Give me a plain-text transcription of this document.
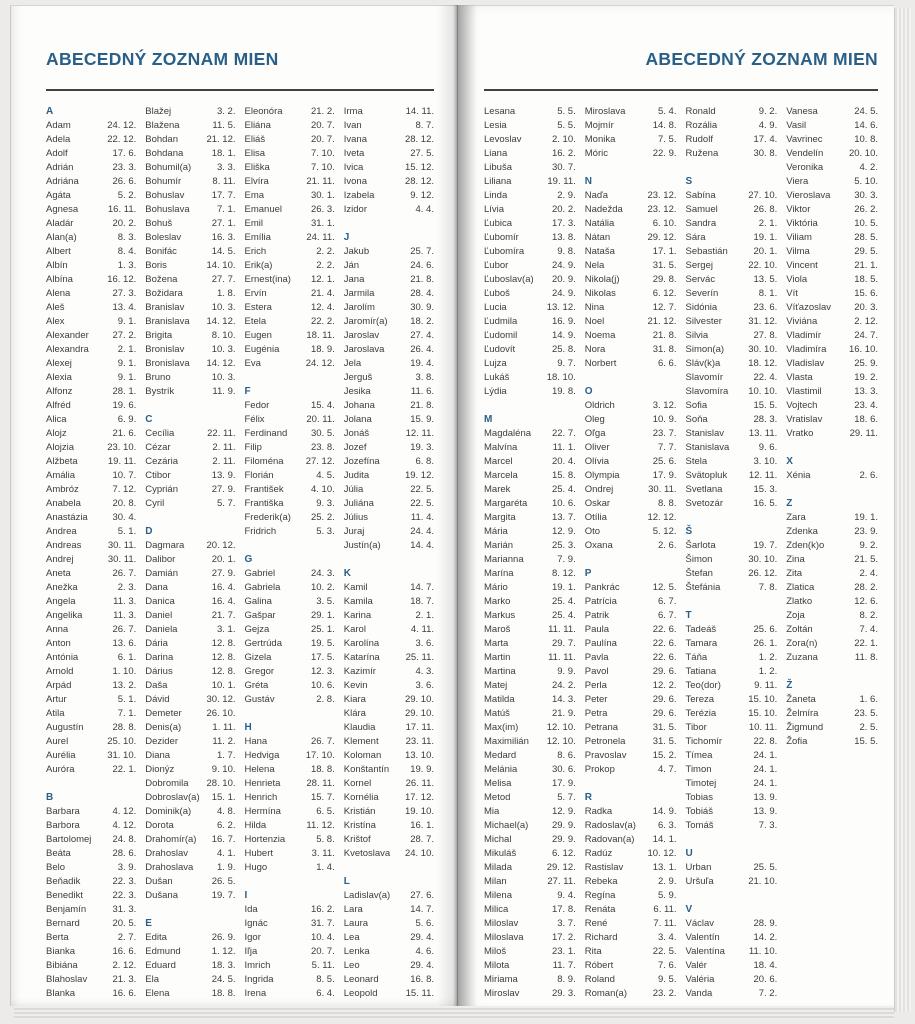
ABECEDNÝ ZOZNAM MIEN
A
Adam	24. 12.
Adela	22. 12.
Adolf	17. 6.
Adrián	23. 3.
Adriána	26. 6.
Agáta	5. 2.
Agnesa	16. 11.
Aladár	20. 2.
Alan(a)	8. 3.
Albert	8. 4.
Albín	1. 3.
Albína	16. 12.
Alena	27. 3.
Aleš	13. 4.
Alex	9. 1.
Alexander	27. 2.
Alexandra	2. 1.
Alexej	9. 1.
Alexia	9. 1.
Alfonz	28. 1.
Alfréd	19. 6.
Alica	6. 9.
Alojz	21. 6.
Alojzia	23. 10.
Alžbeta	19. 11.
Amália	10. 7.
Ambróz	7. 12.
Anabela	20. 8.
Anastázia	30. 4.
Andrea	5. 1.
Andreas	30. 11.
Andrej	30. 11.
Aneta	26. 7.
Anežka	2. 3.
Angela	11. 3.
Angelika	11. 3.
Anna	26. 7.
Anton	13. 6.
Antónia	6. 1.
Arnold	1. 10.
Arpád	13. 2.
Artur	5. 1.
Atila	7. 1.
Augustín	28. 8.
Aurel	25. 10.
Aurélia	31. 10.
Auróra	22. 1.
B
Barbara	4. 12.
Barbora	4. 12.
Bartolomej	24. 8.
Beáta	28. 6.
Belo	3. 9.
Beňadik	22. 3.
Benedikt	22. 3.
Benjamín	31. 3.
Bernard	20. 5.
Berta	2. 7.
Bianka	16. 6.
Bibiána	2. 12.
Blahoslav	21. 3.
Blanka	16. 6.
Blažej	3. 2.
Blažena	11. 5.
Bohdan	21. 12.
Bohdana	18. 1.
Bohumil(a)	3. 3.
Bohumír	8. 11.
Bohuslav	17. 7.
Bohuslava	7. 1.
Bohuš	27. 1.
Boleslav	16. 3.
Bonifác	14. 5.
Boris	14. 10.
Božena	27. 7.
Božidara	1. 8.
Branislav	10. 3.
Branislava	14. 12.
Brigita	8. 10.
Bronislav	10. 3.
Bronislava	14. 12.
Bruno	10. 3.
Bystrík	11. 9.
C
Cecília	22. 11.
Cézar	2. 11.
Cezária	2. 11.
Ctibor	13. 9.
Cyprián	27. 9.
Cyril	5. 7.
D
Dagmara	20. 12.
Dalibor	20. 1.
Damián	27. 9.
Dana	16. 4.
Danica	16. 4.
Daniel	21. 7.
Daniela	3. 1.
Dária	12. 8.
Darina	12. 8.
Dárius	12. 8.
Daša	10. 1.
Dávid	30. 12.
Demeter	26. 10.
Denis(a)	1. 11.
Dezider	11. 2.
Diana	1. 7.
Dionýz	9. 10.
Dobromila	28. 10.
Dobroslav(a)	15. 1.
Dominik(a)	4. 8.
Dorota	6. 2.
Drahomír(a)	16. 7.
Drahoslav	4. 1.
Drahoslava	1. 9.
Dušan	26. 5.
Dušana	19. 7.
E
Edita	26. 9.
Edmund	1. 12.
Eduard	18. 3.
Ela	24. 5.
Elena	18. 8.
Eleonóra	21. 2.
Eliána	20. 7.
Eliáš	20. 7.
Elisa	7. 10.
Eliška	7. 10.
Elvíra	21. 11.
Ema	30. 1.
Emanuel	26. 3.
Emil	31. 1.
Emília	24. 11.
Erich	2. 2.
Erik(a)	2. 2.
Ernest(ina)	12. 1.
Ervín	21. 4.
Estera	12. 4.
Etela	22. 2.
Eugen	18. 11.
Eugénia	18. 9.
Eva	24. 12.
F
Fedor	15. 4.
Félix	20. 11.
Ferdinand	30. 5.
Filip	23. 8.
Filoména	27. 12.
Florián	4. 5.
František	4. 10.
Františka	9. 3.
Frederik(a)	25. 2.
Fridrich	5. 3.
G
Gabriel	24. 3.
Gabriela	10. 2.
Galina	3. 5.
Gašpar	29. 1.
Gejza	25. 1.
Gertrúda	19. 5.
Gizela	17. 5.
Gregor	12. 3.
Gréta	10. 6.
Gustáv	2. 8.
H
Hana	26. 7.
Hedviga	17. 10.
Helena	18. 8.
Henrieta	28. 11.
Henrich	15. 7.
Hermína	6. 5.
Hilda	11. 12.
Hortenzia	5. 8.
Hubert	3. 11.
Hugo	1. 4.
I
Ida	16. 2.
Ignác	31. 7.
Igor	10. 4.
Iľja	20. 7.
Imrich	5. 11.
Ingrida	8. 5.
Irena	6. 4.
Irma	14. 11.
Ivan	8. 7.
Ivana	28. 12.
Iveta	27. 5.
Ivica	15. 12.
Ivona	28. 12.
Izabela	9. 12.
Izidor	4. 4.
J
Jakub	25. 7.
Ján	24. 6.
Jana	21. 8.
Jarmila	28. 4.
Jarolím	30. 9.
Jaromír(a)	18. 2.
Jaroslav	27. 4.
Jaroslava	26. 4.
Jela	19. 4.
Jerguš	3. 8.
Jesika	11. 6.
Johana	21. 8.
Jolana	15. 9.
Jonáš	12. 11.
Jozef	19. 3.
Jozefína	6. 8.
Judita	19. 12.
Júlia	22. 5.
Juliána	22. 5.
Július	11. 4.
Juraj	24. 4.
Justín(a)	14. 4.
K
Kamil	14. 7.
Kamila	18. 7.
Karina	2. 1.
Karol	4. 11.
Karolína	3. 6.
Katarína	25. 11.
Kazimír	4. 3.
Kevin	3. 6.
Kiara	29. 10.
Klára	29. 10.
Klaudia	17. 11.
Klement	23. 11.
Koloman	13. 10.
Konštantín	19. 9.
Kornel	26. 11.
Kornélia	17. 12.
Kristián	19. 10.
Kristína	16. 1.
Krištof	28. 7.
Kvetoslava	24. 10.
L
Ladislav(a)	27. 6.
Lara	14. 7.
Laura	5. 6.
Lea	29. 4.
Lenka	4. 6.
Leo	29. 4.
Leonard	16. 8.
Leopold	15. 11.
ABECEDNÝ ZOZNAM MIEN
Lesana	5. 5.
Lesia	5. 5.
Levoslav	2. 10.
Liana	16. 2.
Libuša	30. 7.
Liliana	19. 11.
Linda	2. 9.
Lívia	20. 2.
Ľubica	17. 3.
Ľubomír	13. 8.
Ľubomíra	9. 8.
Ľubor	24. 9.
Ľuboslav(a)	20. 9.
Ľuboš	24. 9.
Lucia	13. 12.
Ľudmila	16. 9.
Ľudomil	14. 9.
Ľudovít	25. 8.
Lujza	9. 7.
Lukáš	18. 10.
Lýdia	19. 8.
M
Magdaléna	22. 7.
Malvína	11. 1.
Marcel	20. 4.
Marcela	15. 8.
Marek	25. 4.
Margaréta	10. 6.
Margita	13. 7.
Mária	12. 9.
Marián	25. 3.
Marianna	7. 9.
Marína	8. 12.
Mário	19. 1.
Marko	25. 4.
Markus	25. 4.
Maroš	11. 11.
Marta	29. 7.
Martin	11. 11.
Martina	9. 9.
Matej	24. 2.
Matilda	14. 3.
Matúš	21. 9.
Max(im)	12. 10.
Maximilián	12. 10.
Medard	8. 6.
Melánia	30. 6.
Melisa	17. 9.
Metod	5. 7.
Mia	12. 9.
Michael(a)	29. 9.
Michal	29. 9.
Mikuláš	6. 12.
Milada	29. 12.
Milan	27. 11.
Milena	9. 4.
Milica	17. 8.
Miloslav	3. 7.
Miloslava	17. 2.
Miloš	23. 1.
Milota	11. 7.
Miriama	8. 9.
Miroslav	29. 3.
Miroslava	5. 4.
Mojmír	14. 8.
Monika	7. 5.
Móric	22. 9.
N
Naďa	23. 12.
Nadežda	23. 12.
Natália	6. 10.
Nátan	29. 12.
Nataša	17. 1.
Nela	31. 5.
Nikola(j)	29. 8.
Nikolas	6. 12.
Nina	12. 7.
Noel	21. 12.
Noema	21. 8.
Nora	31. 8.
Norbert	6. 6.
O
Oldrich	3. 12.
Oleg	10. 9.
Oľga	23. 7.
Oliver	7. 7.
Olívia	25. 6.
Olympia	17. 9.
Ondrej	30. 11.
Oskar	8. 8.
Otília	12. 12.
Oto	5. 12.
Oxana	2. 6.
P
Pankrác	12. 5.
Patrícia	6. 7.
Patrik	6. 7.
Paula	22. 6.
Paulína	22. 6.
Pavla	22. 6.
Pavol	29. 6.
Perla	12. 2.
Peter	29. 6.
Petra	29. 6.
Petrana	31. 5.
Petronela	31. 5.
Pravoslav	15. 2.
Prokop	4. 7.
R
Radka	14. 9.
Radoslav(a)	6. 3.
Radovan(a)	14. 1.
Radúz	10. 12.
Rastislav	13. 1.
Rebeka	2. 9.
Regína	5. 9.
Renáta	6. 11.
René	7. 11.
Richard	3. 4.
Rita	22. 5.
Róbert	7. 6.
Roland	9. 5.
Roman(a)	23. 2.
Ronald	9. 2.
Rozália	4. 9.
Rudolf	17. 4.
Ružena	30. 8.
S
Sabína	27. 10.
Samuel	26. 8.
Sandra	2. 1.
Sára	19. 1.
Sebastián	20. 1.
Sergej	22. 10.
Servác	13. 5.
Severín	8. 1.
Sidónia	23. 6.
Silvester	31. 12.
Silvia	27. 8.
Simon(a)	30. 10.
Sláv(k)a	18. 12.
Slavomír	22. 4.
Slavomíra	10. 10.
Sofia	15. 5.
Soňa	28. 3.
Stanislav	13. 11.
Stanislava	9. 6.
Stela	3. 10.
Svätopluk	12. 11.
Svetlana	15. 3.
Svetozár	16. 5.
Š
Šarlota	19. 7.
Šimon	30. 10.
Štefan	26. 12.
Štefánia	7. 8.
T
Tadeáš	25. 6.
Tamara	26. 1.
Táňa	1. 2.
Tatiana	1. 2.
Teo(dor)	9. 11.
Tereza	15. 10.
Terézia	15. 10.
Tibor	10. 11.
Tichomír	22. 8.
Tímea	24. 1.
Timon	24. 1.
Timotej	24. 1.
Tobias	13. 9.
Tobiáš	13. 9.
Tomáš	7. 3.
U
Urban	25. 5.
Uršuľa	21. 10.
V
Václav	28. 9.
Valentín	14. 2.
Valentína	11. 10.
Valér	18. 4.
Valéria	20. 6.
Vanda	7. 2.
Vanesa	24. 5.
Vasil	14. 6.
Vavrinec	10. 8.
Vendelín	20. 10.
Veronika	4. 2.
Viera	5. 10.
Vieroslava	30. 3.
Viktor	26. 2.
Viktória	10. 5.
Viliam	28. 5.
Vilma	29. 5.
Vincent	21. 1.
Viola	18. 5.
Vít	15. 6.
Víťazoslav	20. 3.
Viviána	2. 12.
Vladimír	24. 7.
Vladimíra	16. 10.
Vladislav	25. 9.
Vlasta	19. 2.
Vlastimil	13. 3.
Vojtech	23. 4.
Vratislav	18. 6.
Vratko	29. 11.
X
Xénia	2. 6.
Z
Zara	19. 1.
Zdenka	23. 9.
Zden(k)o	9. 2.
Zina	21. 5.
Zita	2. 4.
Zlatica	28. 2.
Zlatko	12. 6.
Zoja	8. 2.
Zoltán	7. 4.
Zora(n)	22. 1.
Zuzana	11. 8.
Ž
Žaneta	1. 6.
Želmíra	23. 5.
Žigmund	2. 5.
Žofia	15. 5.
